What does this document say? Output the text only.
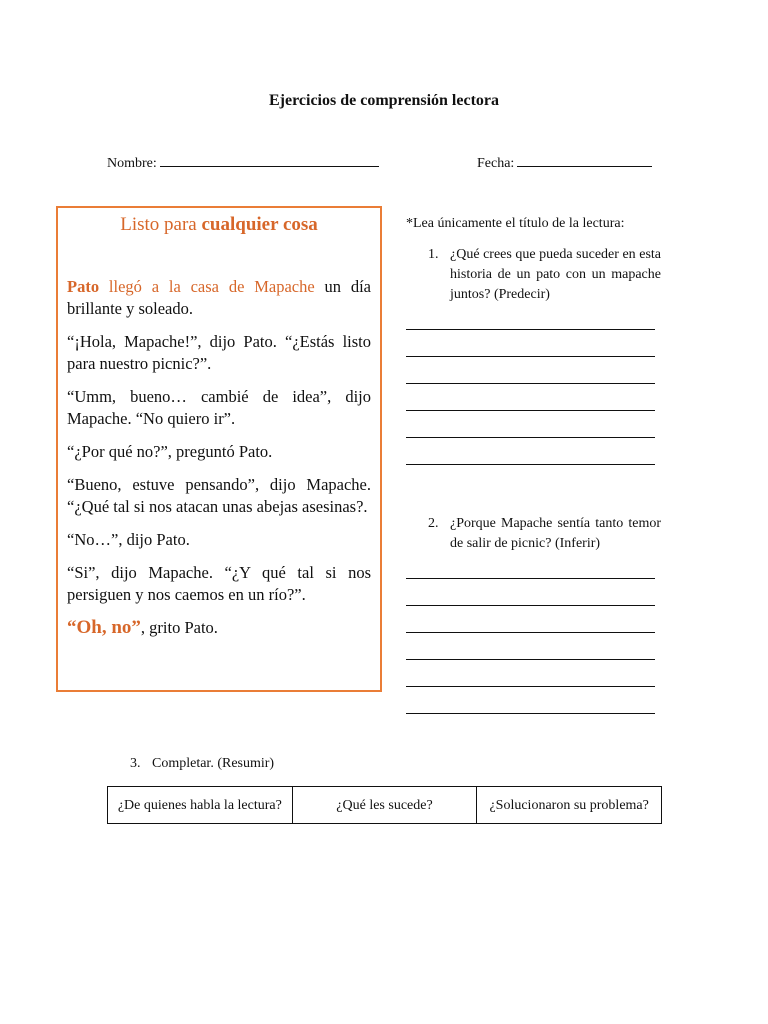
Ejercicios de comprensión lectora
Nombre:	Fecha:
Listo para cualquier cosa

Pato llegó a la casa de Mapache un día brillante y soleado.

“¡Hola, Mapache!”, dijo Pato. “¿Estás listo para nuestro picnic?”.

“Umm, bueno… cambié de idea”, dijo Mapache. “No quiero ir”.

“¿Por qué no?”, preguntó Pato.

“Bueno, estuve pensando”, dijo Mapache. “¿Qué tal si nos atacan unas abejas asesinas?.

“No…”, dijo Pato.

“Si”, dijo Mapache. “¿Y qué tal si nos persiguen y nos caemos en un río?”.

“Oh, no”, grito Pato.

*Lea únicamente el título de la lectura:
1. ¿Qué crees que pueda suceder en esta historia de un pato con un mapache juntos? (Predecir)
2. ¿Porque Mapache sentía tanto temor de salir de picnic? (Inferir)
3. Completar. (Resumir)
¿De quienes habla la lectura?	¿Qué les sucede?	¿Solucionaron su problema?
